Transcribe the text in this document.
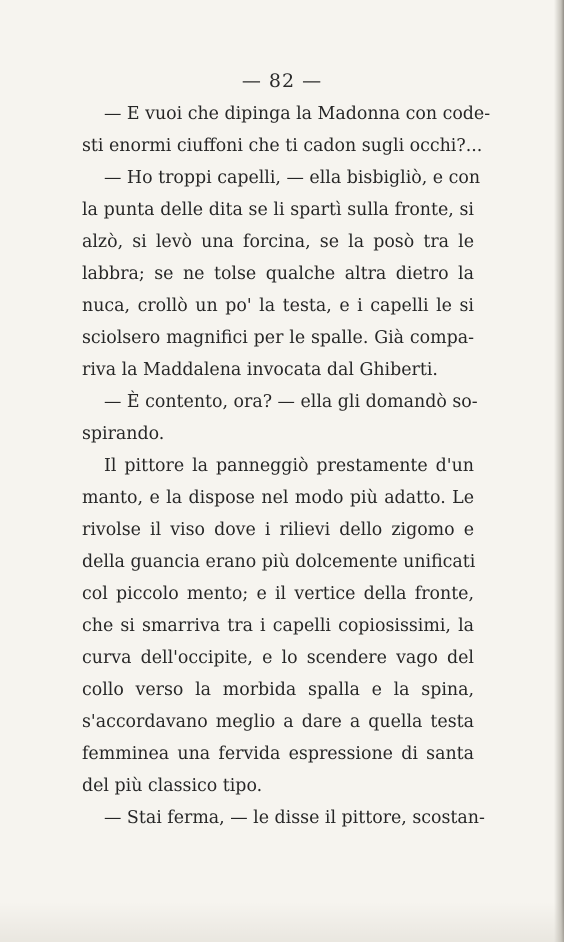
— 82 —
— E vuoi che dipinga la Madonna con code-
sti enormi ciuffoni che ti cadon sugli occhi?...
— Ho troppi capelli, — ella bisbigliò, e con
la punta delle dita se li spartì sulla fronte, si
alzò, si levò una forcina, se la posò tra le
labbra; se ne tolse qualche altra dietro la
nuca, crollò un po' la testa, e i capelli le si
sciolsero magnifici per le spalle. Già compa-
riva la Maddalena invocata dal Ghiberti.
— È contento, ora? — ella gli domandò so-
spirando.
Il pittore la panneggiò prestamente d'un
manto, e la dispose nel modo più adatto. Le
rivolse il viso dove i rilievi dello zigomo e
della guancia erano più dolcemente unificati
col piccolo mento; e il vertice della fronte,
che si smarriva tra i capelli copiosissimi, la
curva dell'occipite, e lo scendere vago del
collo verso la morbida spalla e la spina,
s'accordavano meglio a dare a quella testa
femminea una fervida espressione di santa
del più classico tipo.
— Stai ferma, — le disse il pittore, scostan-
